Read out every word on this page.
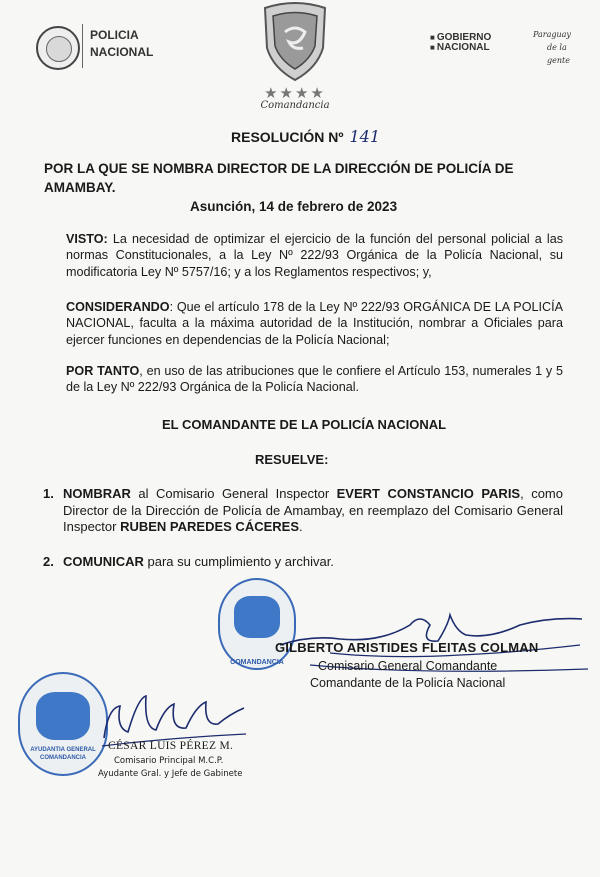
POLICIA
NACIONAL
★★★★
Comandancia
■ GOBIERNO
■ NACIONAL
Paraguay
de la gente
RESOLUCIÓN Nº 141
POR LA QUE SE NOMBRA DIRECTOR DE LA DIRECCIÓN DE POLICÍA DE AMAMBAY.
Asunción, 14 de febrero de 2023
VISTO: La necesidad de optimizar el ejercicio de la función del personal policial a las normas Constitucionales, a la Ley Nº 222/93 Orgánica de la Policía Nacional, su modificatoria Ley Nº 5757/16; y a los Reglamentos respectivos; y,
CONSIDERANDO: Que el artículo 178 de la Ley Nº 222/93 ORGÁNICA DE LA POLICÍA NACIONAL, faculta a la máxima autoridad de la Institución, nombrar a Oficiales para ejercer funciones en dependencias de la Policía Nacional;
POR TANTO, en uso de las atribuciones que le confiere el Artículo 153, numerales 1 y 5 de la Ley Nº 222/93 Orgánica de la Policía Nacional.
EL COMANDANTE DE LA POLICÍA NACIONAL
RESUELVE:
1. NOMBRAR al Comisario General Inspector EVERT CONSTANCIO PARIS, como Director de la Dirección de Policía de Amambay, en reemplazo del Comisario General Inspector RUBEN PAREDES CÁCERES.
2. COMUNICAR para su cumplimiento y archivar.
COMANDANCIA
AYUDANTIA GENERAL
COMANDANCIA
GILBERTO ARISTIDES FLEITAS COLMAN
Comisario General Comandante
Comandante de la Policía Nacional
CÉSAR LUIS PÉREZ M.
Comisario Principal M.C.P.
Ayudante Gral. y Jefe de Gabinete
